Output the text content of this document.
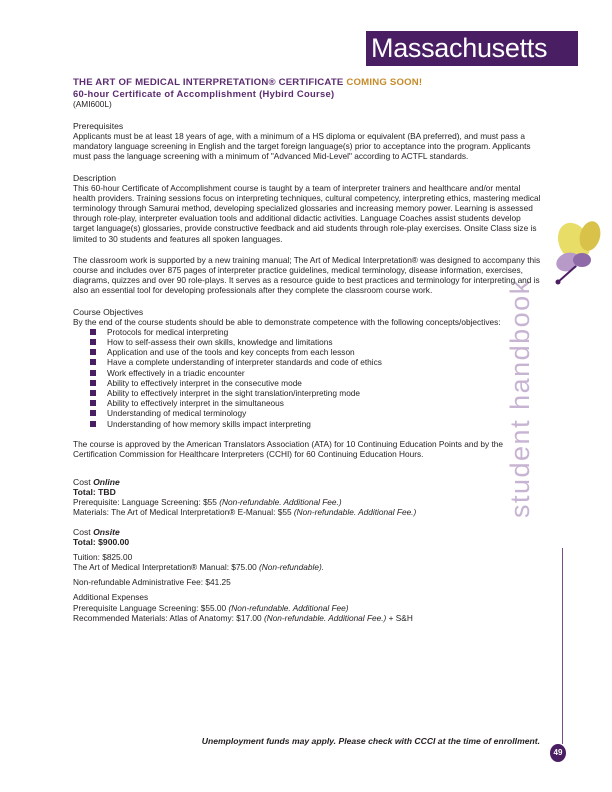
Massachusetts
student handbook
THE ART OF MEDICAL INTERPRETATION® CERTIFICATE COMING SOON!
60-hour Certificate of Accomplishment (Hybird Course)
(AMI600L)
Prerequisites

Applicants must be at least 18 years of age, with a minimum of a HS diploma or equivalent (BA preferred), and must pass a mandatory language screening in English and the target foreign language(s) prior to acceptance into the program. Applicants must pass the language screening with a minimum of "Advanced Mid-Level" according to ACTFL standards.

Description

This 60-hour Certificate of Accomplishment course is taught by a team of interpreter trainers and healthcare and/or mental health providers. Training sessions focus on interpreting techniques, cultural competency, interpreting ethics, mastering medical terminology through Samurai method, developing specialized glossaries and increasing memory power. Learning is assessed through role-play, interpreter evaluation tools and additional didactic activities. Language Coaches assist students develop target language(s) glossaries, provide constructive feedback and aid students through role-play exercises. Onsite Class size is limited to 30 students and features all spoken languages.

The classroom work is supported by a new training manual; The Art of Medical Interpretation® was designed to accompany this course and includes over 875 pages of interpreter practice guidelines, medical terminology, disease information, exercises, diagrams, quizzes and over 90 role-plays. It serves as a resource guide to best practices and terminology for interpreting and is also an essential tool for developing professionals after they complete the classroom course work.

Course Objectives

By the end of the course students should be able to demonstrate competence with the following concepts/objectives:

Protocols for medical interpreting
How to self-assess their own skills, knowledge and limitations
Application and use of the tools and key concepts from each lesson
Have a complete understanding of interpreter standards and code of ethics
Work effectively in a triadic encounter
Ability to effectively interpret in the consecutive mode
Ability to effectively interpret in the sight translation/interpreting mode
Ability to effectively interpret in the simultaneous
Understanding of medical terminology
Understanding of how memory skills impact interpreting

The course is approved by the American Translators Association (ATA) for 10 Continuing Education Points and by the Certification Commission for Healthcare Interpreters (CCHI) for 60 Continuing Education Hours.

Cost Online
Total: TBD
Prerequisite: Language Screening: $55 (Non-refundable. Additional Fee.)
Materials: The Art of Medical Interpretation® E-Manual: $55 (Non-refundable. Additional Fee.)
Cost Onsite
Total: $900.00
Tuition: $825.00
The Art of Medical Interpretation® Manual: $75.00 (Non-refundable).
Non-refundable Administrative Fee: $41.25
Additional Expenses
Prerequisite Language Screening: $55.00 (Non-refundable. Additional Fee)
Recommended Materials: Atlas of Anatomy: $17.00 (Non-refundable. Additional Fee.) + S&H
Unemployment funds may apply. Please check with CCCI at the time of enrollment.
49
